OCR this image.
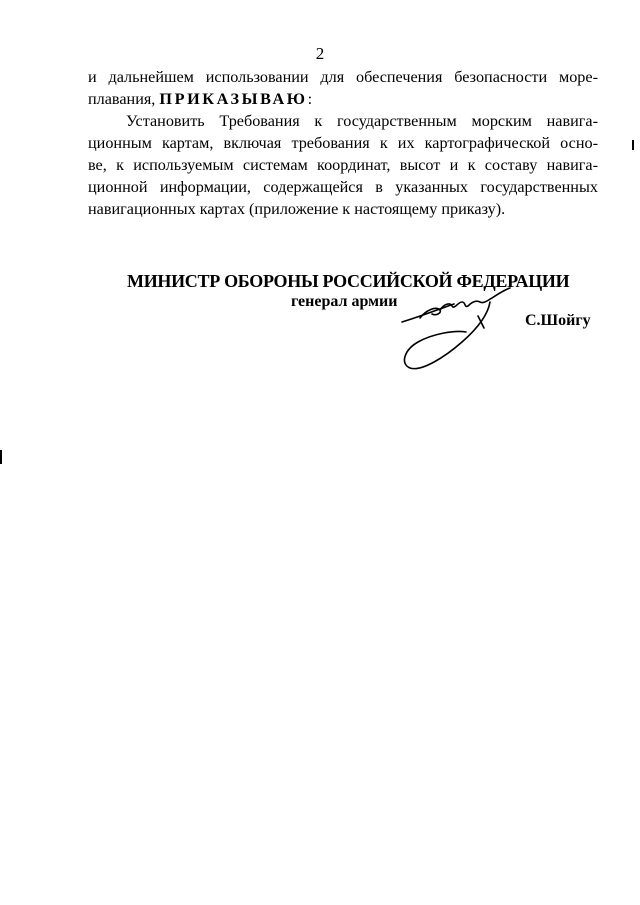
2
и дальнейшем использовании для обеспечения безопасности море-
плавания, ПРИКАЗЫВАЮ:
Установить Требования к государственным морским навига-
ционным картам, включая требования к их картографической осно-
ве, к используемым системам координат, высот и к составу навига-
ционной информации, содержащейся в указанных государственных
навигационных картах (приложение к настоящему приказу).
МИНИСТР ОБОРОНЫ РОССИЙСКОЙ ФЕДЕРАЦИИ
генерал армии
С.Шойгу
